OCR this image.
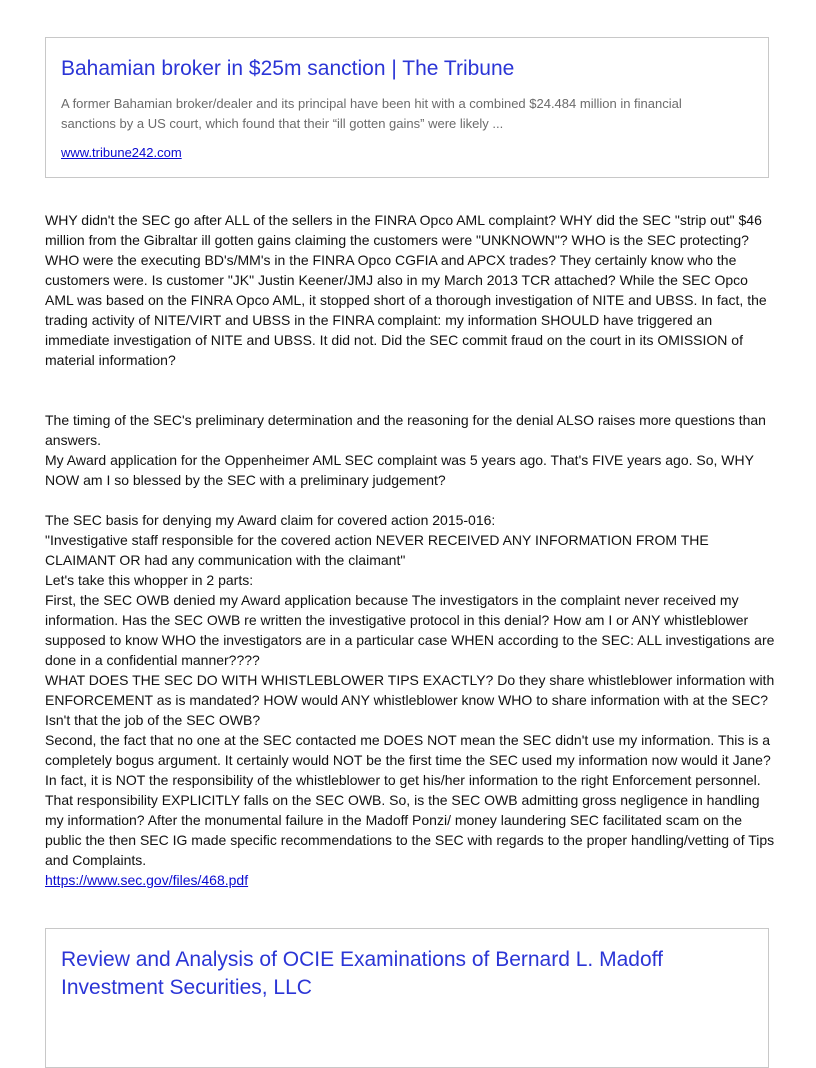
Bahamian broker in $25m sanction | The Tribune
A former Bahamian broker/dealer and its principal have been hit with a combined $24.484 million in financial sanctions by a US court, which found that their “ill gotten gains” were likely ...
www.tribune242.com
WHY didn't the SEC go after ALL of the sellers in the FINRA Opco AML complaint? WHY did the SEC "strip out" $46 million from the Gibraltar ill gotten gains claiming the customers were "UNKNOWN"? WHO is the SEC protecting? WHO were the executing BD's/MM's in the FINRA Opco CGFIA and APCX trades? They certainly know who the customers were. Is customer "JK" Justin Keener/JMJ also in my March 2013 TCR attached? While the SEC Opco AML was based on the FINRA Opco AML, it stopped short of a thorough investigation of NITE and UBSS. In fact, the trading activity of NITE/VIRT and UBSS in the FINRA complaint: my information SHOULD have triggered an immediate investigation of NITE and UBSS. It did not. Did the SEC commit fraud on the court in its OMISSION of material information?
The timing of the SEC's preliminary determination and the reasoning for the denial ALSO raises more questions than answers.
My Award application for the Oppenheimer AML SEC complaint was 5 years ago. That's FIVE years ago. So, WHY NOW am I so blessed by the SEC with a preliminary judgement?
The SEC basis for denying my Award claim for covered action 2015-016:
"Investigative staff responsible for the covered action NEVER RECEIVED ANY INFORMATION FROM THE CLAIMANT OR had any communication with the claimant"
Let's take this whopper in 2 parts:
First, the SEC OWB denied my Award application because The investigators in the complaint never received my information. Has the SEC OWB re written the investigative protocol in this denial? How am I or ANY whistleblower supposed to know WHO the investigators are in a particular case WHEN according to the SEC: ALL investigations are done in a confidential manner????
WHAT DOES THE SEC DO WITH WHISTLEBLOWER TIPS EXACTLY? Do they share whistleblower information with ENFORCEMENT as is mandated? HOW would ANY whistleblower know WHO to share information with at the SEC? Isn't that the job of the SEC OWB?
Second, the fact that no one at the SEC contacted me DOES NOT mean the SEC didn't use my information. This is a completely bogus argument. It certainly would NOT be the first time the SEC used my information now would it Jane?
In fact, it is NOT the responsibility of the whistleblower to get his/her information to the right Enforcement personnel. That responsibility EXPLICITLY falls on the SEC OWB. So, is the SEC OWB admitting gross negligence in handling my information? After the monumental failure in the Madoff Ponzi/ money laundering SEC facilitated scam on the public the then SEC IG made specific recommendations to the SEC with regards to the proper handling/vetting of Tips and Complaints.
https://www.sec.gov/files/468.pdf
Review and Analysis of OCIE Examinations of Bernard L. Madoff Investment Securities, LLC
